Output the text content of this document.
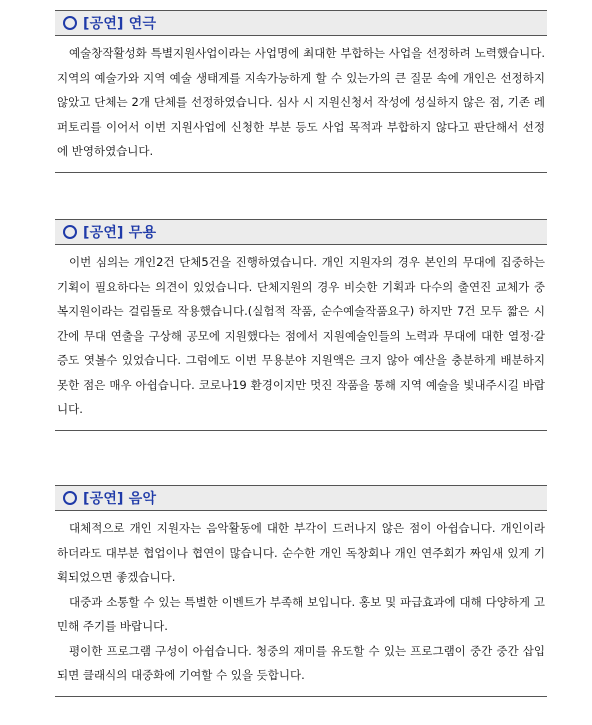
[공연] 연극

예술창작활성화 특별지원사업이라는 사업명에 최대한 부합하는 사업을 선정하려 노력했습니다. 지역의 예술가와 지역 예술 생태계를 지속가능하게 할 수 있는가의 큰 질문 속에 개인은 선정하지 않았고 단체는 2개 단체를 선정하였습니다. 심사 시 지원신청서 작성에 성실하지 않은 점, 기존 레퍼토리를 이어서 이번 지원사업에 신청한 부분 등도 사업 목적과 부합하지 않다고 판단해서 선정에 반영하였습니다.

[공연] 무용

이번 심의는 개인2건 단체5건을 진행하였습니다. 개인 지원자의 경우 본인의 무대에 집중하는 기획이 필요하다는 의견이 있었습니다. 단체지원의 경우 비슷한 기획과 다수의 출연진 교체가 중복지원이라는 걸림돌로 작용했습니다.(실험적 작품, 순수예술작품요구) 하지만 7건 모두 짧은 시간에 무대 연출을 구상해 공모에 지원했다는 점에서 지원예술인들의 노력과 무대에 대한 열정·갈증도 엿볼수 있었습니다. 그럼에도 이번 무용분야 지원액은 크지 않아 예산을 충분하게 배분하지 못한 점은 매우 아쉽습니다. 코로나19 환경이지만 멋진 작품을 통해 지역 예술을 빛내주시길 바랍니다.

[공연] 음악

대체적으로 개인 지원자는 음악활동에 대한 부각이 드러나지 않은 점이 아쉽습니다. 개인이라 하더라도 대부분 협업이나 협연이 많습니다. 순수한 개인 독창회나 개인 연주회가 짜임새 있게 기획되었으면 좋겠습니다.

대중과 소통할 수 있는 특별한 이벤트가 부족해 보입니다. 홍보 및 파급효과에 대해 다양하게 고민해 주기를 바랍니다.

평이한 프로그램 구성이 아쉽습니다. 청중의 재미를 유도할 수 있는 프로그램이 중간 중간 삽입되면 클래식의 대중화에 기여할 수 있을 듯합니다.
